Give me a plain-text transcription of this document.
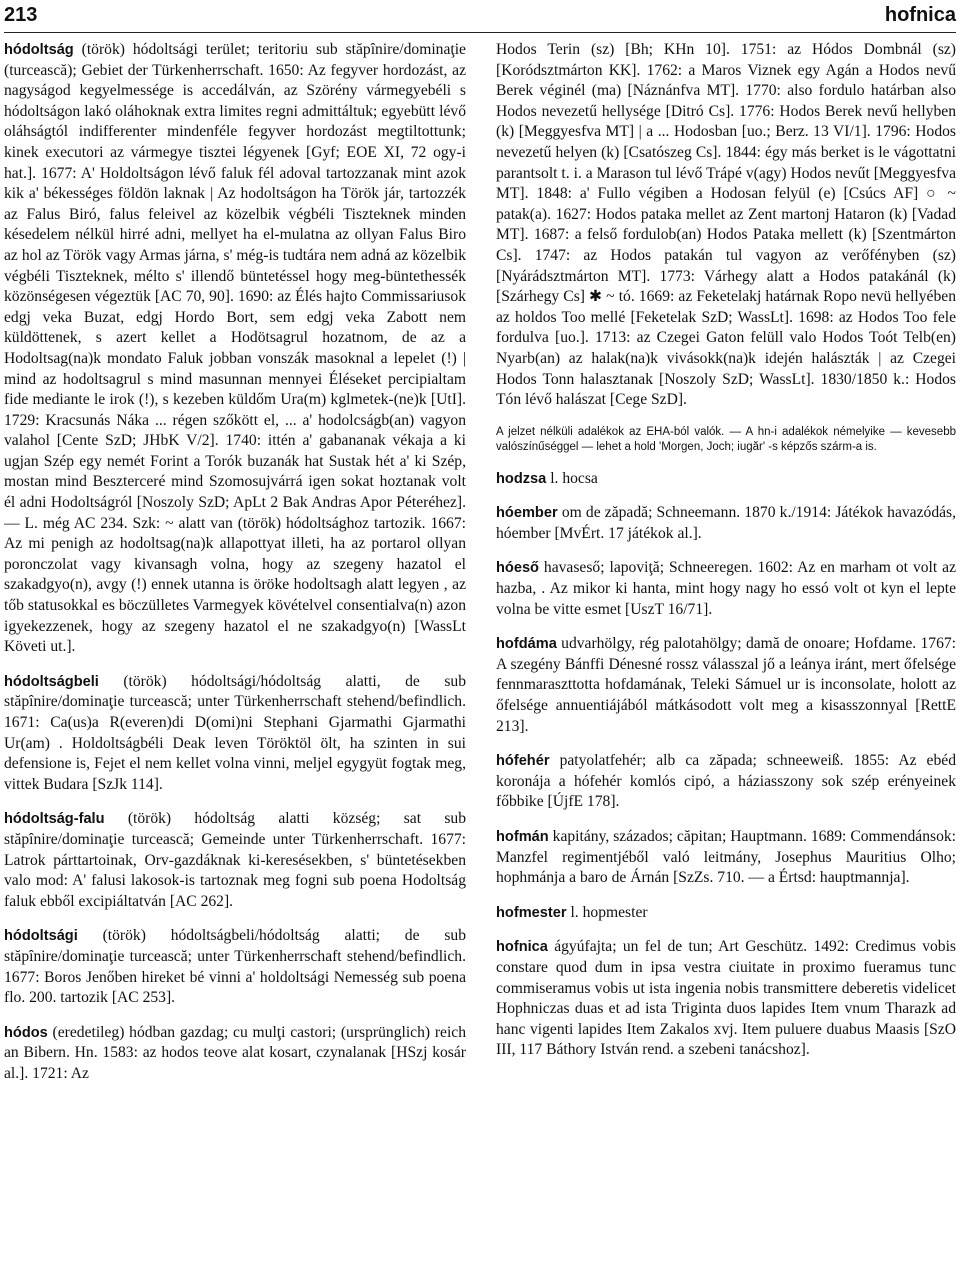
213	hofnica

hódoltság (török) hódoltsági terület; teritoriu sub stăpînire/dominaţie (turcească); Gebiet der Türkenherrschaft. 1650: Az fegyver hordozást, az nagyságod kegyelmessége is accedálván, az Szörény vármegyebéli s hódoltságon lakó oláhoknak extra limites regni admittáltuk; egyebütt lévő oláhságtól indifferenter mindenféle fegyver hordozást megtiltottunk; kinek executori az vármegye tisztei légyenek [Gyf; EOE XI, 72 ogy-i hat.]. 1677: A' Holdoltságon lévő faluk fél adoval tartozzanak mint azok kik a' békességes földön laknak | Az hodoltságon ha Török jár, tartozzék az Falus Biró, falus feleivel az közelbik végbéli Tiszteknek minden késedelem nélkül hirré adni, mellyet ha el-mulatna az ollyan Falus Biro az hol az Török vagy Armas járna, s' még-is tudtára nem adná az közelbik végbéli Tiszteknek, mélto s' illendő büntetéssel hogy meg-büntethessék közönségesen végeztük [AC 70, 90]. 1690: az Élés hajto Commissariusok edgj veka Buzat, edgj Hordo Bort, sem edgj veka Zabott nem küldöttenek, s azert kellet a Hodötsagrul hozatnom, de az a Hodoltsag(na)k mondato Faluk jobban vonszák masoknal a lepelet (!) | mind az hodoltsagrul s mind masunnan mennyei Éléseket percipialtam fide mediante le irok (!), s kezeben küldőm Ura(m) kglmetek-(ne)k [UtI]. 1729: Kracsunás Náka ... régen szőkött el, ... a' hodolcságb(an) vagyon valahol [Cente SzD; JHbK V/2]. 1740: ittén a' gabananak vékaja a ki ugjan Szép egy nemét Forint a Torók buzanák hat Sustak hét a' ki Szép, mostan mind Beszterceré mind Szomosujvárrá igen sokat hoztanak volt él adni Hodoltságról [Noszoly SzD; ApLt 2 Bak Andras Apor Péteréhez]. — L. még AC 234. Szk: ~ alatt van (török) hódoltsághoz tartozik. 1667: Az mi penigh az hodoltsag(na)k allapottyat illeti, ha az portarol ollyan poronczolat vagy kivansagh volna, hogy az szegeny hazatol el szakadgyo(n), avgy (!) ennek utanna is öröke hodoltsagh alatt legyen , az tőb statusokkal es böczülletes Varmegyek kövételvel consentialva(n) azon igyekezzenek, hogy az szegeny hazatol el ne szakadgyo(n) [WassLt Követi ut.].

hódoltságbeli (török) hódoltsági/hódoltság alatti, de sub stăpînire/dominaţie turcească; unter Türkenherrschaft stehend/befindlich. 1671: Ca(us)a R(everen)di D(omi)ni Stephani Gjarmathi Gjarmathi Ur(am) . Holdoltságbéli Deak leven Töröktöl ölt, ha szinten in sui defensione is, Fejet el nem kellet volna vinni, meljel egygyüt fogtak meg, vittek Budara [SzJk 114].

hódoltság-falu (török) hódoltság alatti község; sat sub stăpînire/dominaţie turcească; Gemeinde unter Türkenherrschaft. 1677: Latrok párttartoinak, Orv-gazdáknak ki-keresésekben, s' büntetésekben valo mod: A' falusi lakosok-is tartoznak meg fogni sub poena Hodoltság faluk ebből excipiáltatván [AC 262].

hódoltsági (török) hódoltságbeli/hódoltság alatti; de sub stăpînire/dominaţie turcească; unter Türkenherrschaft stehend/befindlich. 1677: Boros Jenőben hireket bé vinni a' holdoltsági Nemesség sub poena flo. 200. tartozik [AC 253].

hódos (eredetileg) hódban gazdag; cu mulţi castori; (ursprünglich) reich an Bibern. Hn. 1583: az hodos teove alat kosart, czynalanak [HSzj kosár al.]. 1721: Az

Hodos Terin (sz) [Bh; KHn 10]. 1751: az Hódos Dombnál (sz) [Koródsztmárton KK]. 1762: a Maros Viznek egy Agán a Hodos nevű Berek véginél (ma) [Náznánfva MT]. 1770: also fordulo határban also Hodos nevezetű hellysége [Ditró Cs]. 1776: Hodos Berek nevű hellyben (k) [Meggyesfva MT] | a ... Hodosban [uo.; Berz. 13 VI/1]. 1796: Hodos nevezetű helyen (k) [Csatószeg Cs]. 1844: égy más berket is le vágottatni parantsolt t. i. a Marason tul lévő Trápé v(agy) Hodos nevűt [Meggyesfva MT]. 1848: a' Fullo végiben a Hodosan felyül (e) [Csúcs AF] ○ ~ patak(a). 1627: Hodos pataka mellet az Zent martonj Hataron (k) [Vadad MT]. 1687: a felső fordulob(an) Hodos Pataka mellett (k) [Szentmárton Cs]. 1747: az Hodos patakán tul vagyon az verőfényben (sz) [Nyárádsztmárton MT]. 1773: Várhegy alatt a Hodos patakánál (k) [Szárhegy Cs] ✱ ~ tó. 1669: az Feketelakj határnak Ropo nevü hellyében az holdos Too mellé [Feketelak SzD; WassLt]. 1698: az Hodos Too fele fordulva [uo.]. 1713: az Czegei Gaton felüll valo Hodos Toót Telb(en) Nyarb(an) az halak(na)k vivásokk(na)k idején halászták | az Czegei Hodos Tonn halasztanak [Noszoly SzD; WassLt]. 1830/1850 k.: Hodos Tón lévő halászat [Cege SzD].

A jelzet nélküli adalékok az EHA-ból valók. — A hn-i adalékok némelyike — kevesebb valószínűséggel — lehet a hold 'Morgen, Joch; iugăr' -s képzős szárm-a is.

hodzsa l. hocsa

hóember om de zăpadă; Schneemann. 1870 k./1914: Játékok havazódás, hóember [MvÉrt. 17 játékok al.].

hóeső havaseső; lapoviţă; Schneeregen. 1602: Az en marham ot volt az hazba, . Az mikor ki hanta, mint hogy nagy ho essó volt ot kyn el lepte volna be vitte esmet [UszT 16/71].

hofdáma udvarhölgy, rég palotahölgy; damă de onoare; Hofdame. 1767: A szegény Bánffi Dénesné rossz válasszal jő a leánya iránt, mert őfelsége fennmaraszttotta hofdamának, Teleki Sámuel ur is inconsolate, holott az őfelsége annuentiájából mátkásodott volt meg a kisasszonnyal [RettE 213].

hófehér patyolatfehér; alb ca zăpada; schneeweiß. 1855: Az ebéd koronája a hófehér komlós cipó, a háziasszony sok szép erényeinek főbbike [ÚjfE 178].

hofmán kapitány, százados; căpitan; Hauptmann. 1689: Commendánsok: Manzfel regimentjéből való leitmány, Josephus Mauritius Olho; hophmánja a baro de Árnán [SzZs. 710. — a Értsd: hauptmannja].

hofmester l. hopmester

hofnica ágyúfajta; un fel de tun; Art Geschütz. 1492: Credimus vobis constare quod dum in ipsa vestra ciuitate in proximo fueramus tunc commiseramus vobis ut ista ingenia nobis transmittere deberetis videlicet Hophniczas duas et ad ista Triginta duos lapides Item vnum Tharazk ad hanc vigenti lapides Item Zakalos xvj. Item puluere duabus Maasis [SzO III, 117 Báthory István rend. a szebeni tanácshoz].
